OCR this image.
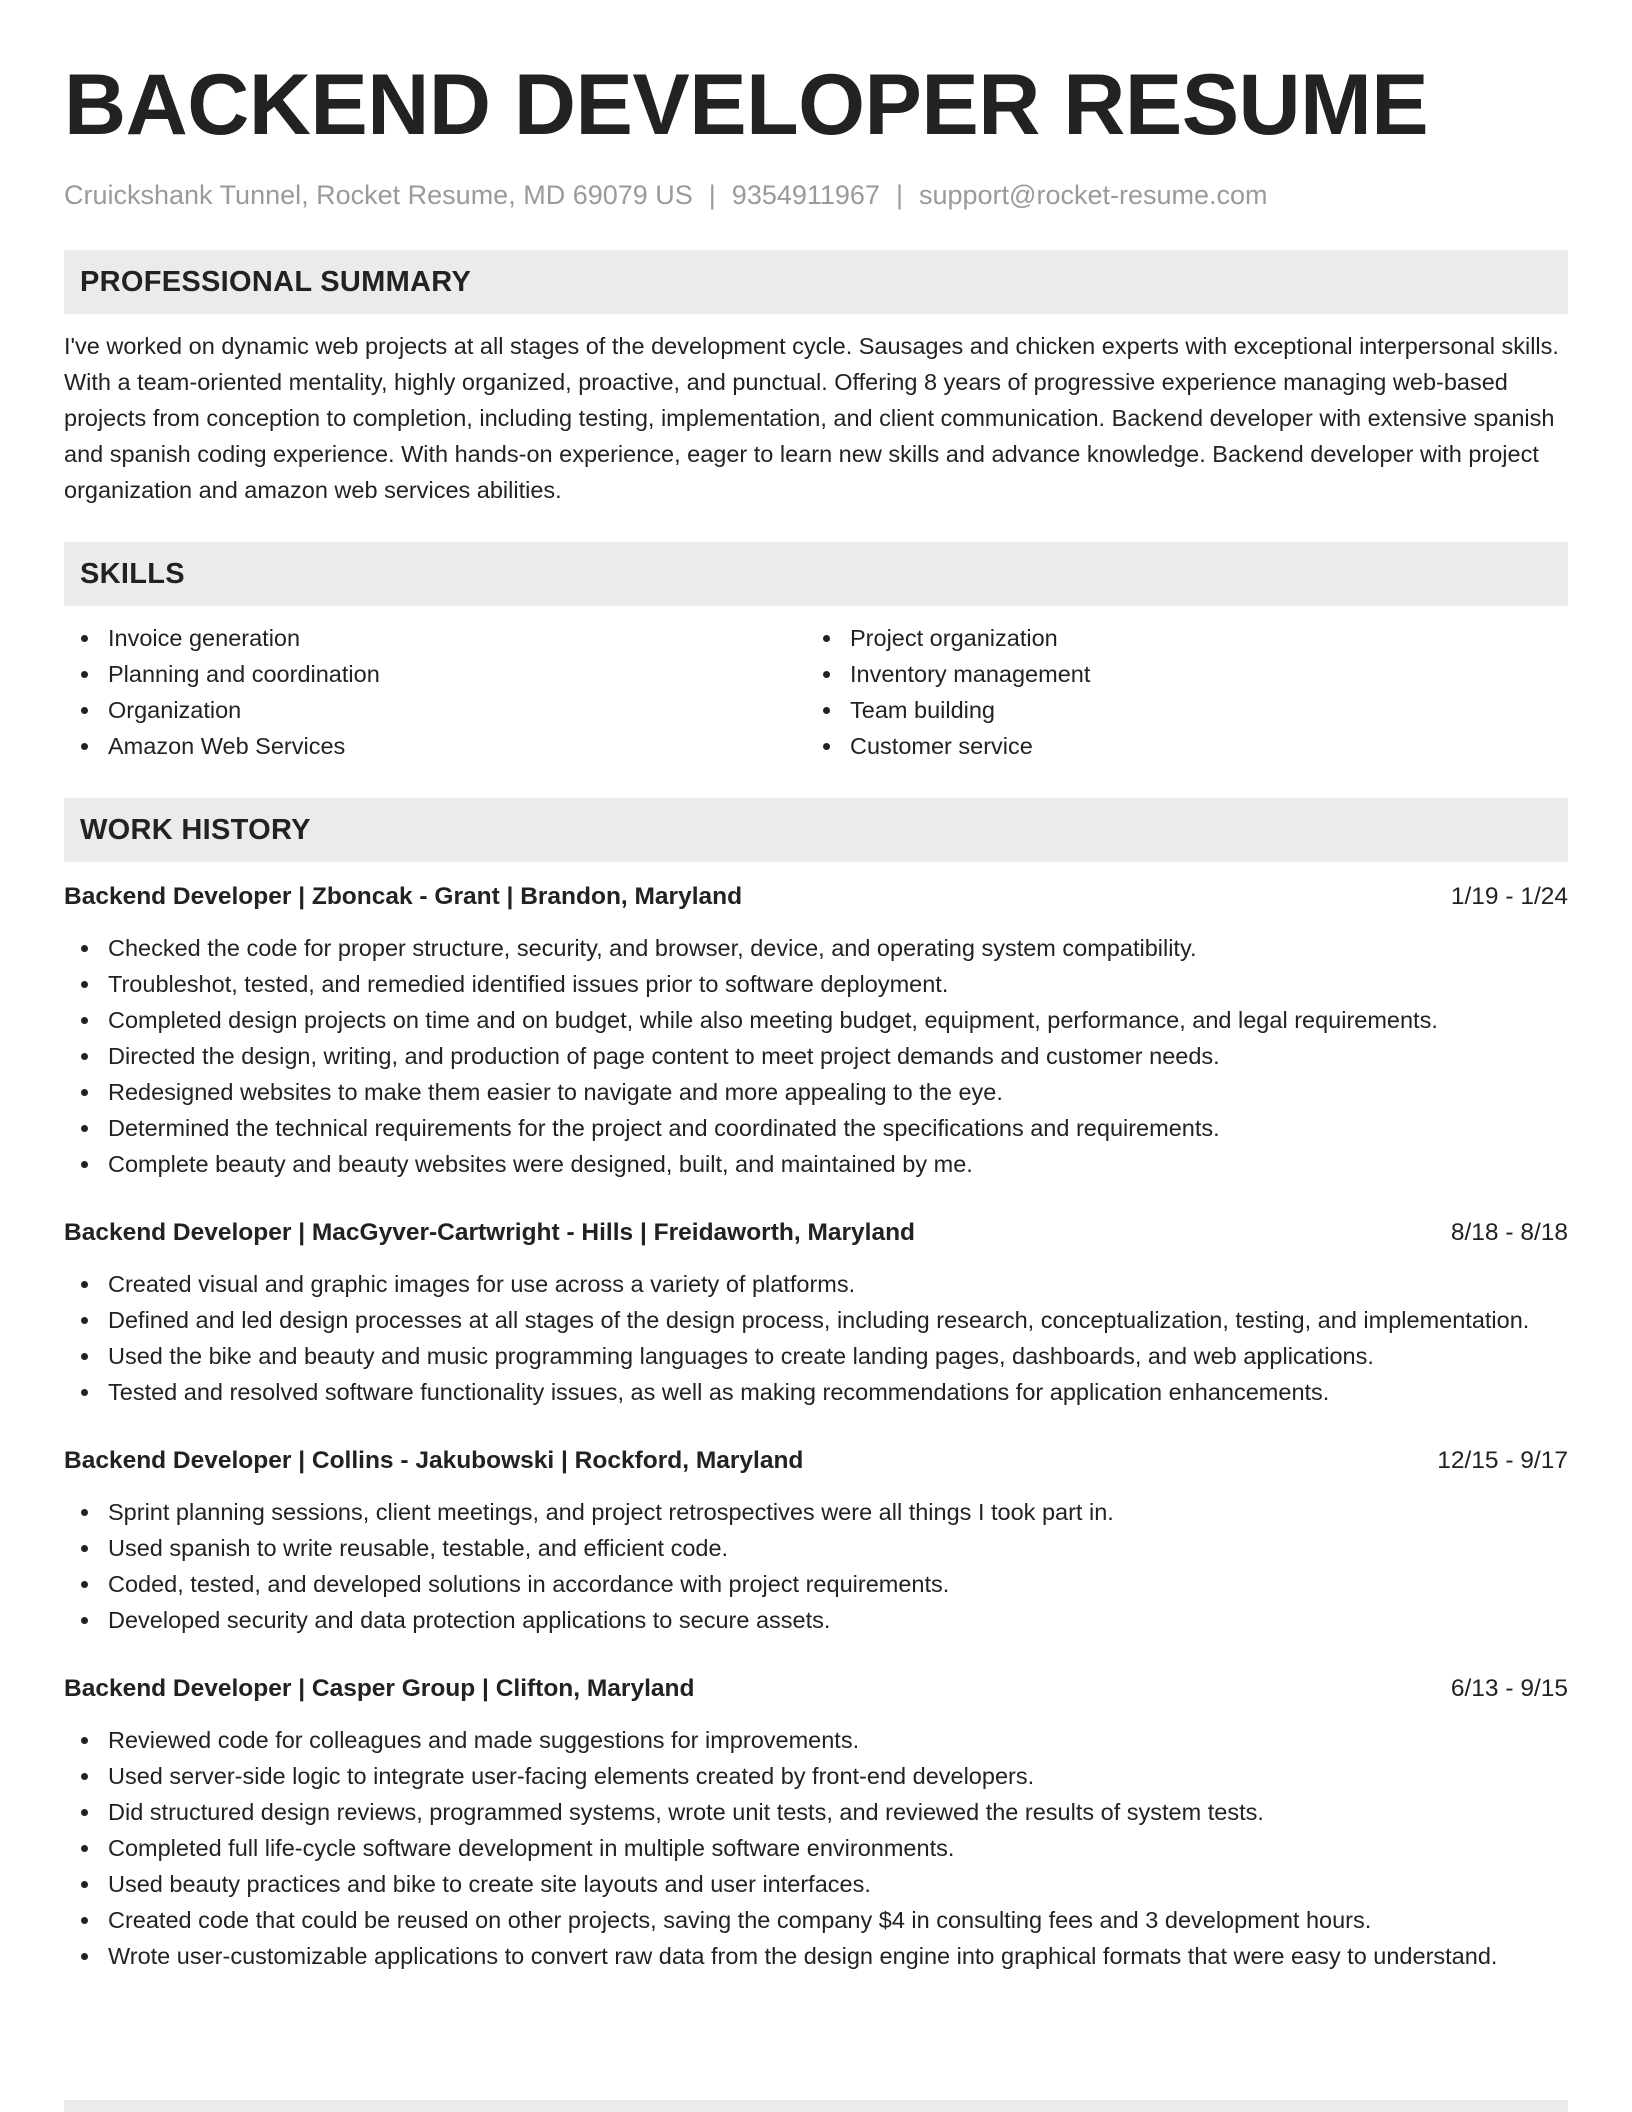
BACKEND DEVELOPER RESUME
Cruickshank Tunnel, Rocket Resume, MD 69079 US | 9354911967 | support@rocket-resume.com
PROFESSIONAL SUMMARY

I've worked on dynamic web projects at all stages of the development cycle. Sausages and chicken experts with exceptional interpersonal skills. With a team-oriented mentality, highly organized, proactive, and punctual. Offering 8 years of progressive experience managing web-based projects from conception to completion, including testing, implementation, and client communication. Backend developer with extensive spanish and spanish coding experience. With hands-on experience, eager to learn new skills and advance knowledge. Backend developer with project organization and amazon web services abilities.

SKILLS
Invoice generation
Planning and coordination
Organization
Amazon Web Services
Project organization
Inventory management
Team building
Customer service
WORK HISTORY
Backend Developer | Zboncak - Grant | Brandon, Maryland	1/19 - 1/24
Checked the code for proper structure, security, and browser, device, and operating system compatibility.
Troubleshot, tested, and remedied identified issues prior to software deployment.
Completed design projects on time and on budget, while also meeting budget, equipment, performance, and legal requirements.
Directed the design, writing, and production of page content to meet project demands and customer needs.
Redesigned websites to make them easier to navigate and more appealing to the eye.
Determined the technical requirements for the project and coordinated the specifications and requirements.
Complete beauty and beauty websites were designed, built, and maintained by me.
Backend Developer | MacGyver-Cartwright - Hills | Freidaworth, Maryland	8/18 - 8/18
Created visual and graphic images for use across a variety of platforms.
Defined and led design processes at all stages of the design process, including research, conceptualization, testing, and implementation.
Used the bike and beauty and music programming languages to create landing pages, dashboards, and web applications.
Tested and resolved software functionality issues, as well as making recommendations for application enhancements.
Backend Developer | Collins - Jakubowski | Rockford, Maryland	12/15 - 9/17
Sprint planning sessions, client meetings, and project retrospectives were all things I took part in.
Used spanish to write reusable, testable, and efficient code.
Coded, tested, and developed solutions in accordance with project requirements.
Developed security and data protection applications to secure assets.
Backend Developer | Casper Group | Clifton, Maryland	6/13 - 9/15
Reviewed code for colleagues and made suggestions for improvements.
Used server-side logic to integrate user-facing elements created by front-end developers.
Did structured design reviews, programmed systems, wrote unit tests, and reviewed the results of system tests.
Completed full life-cycle software development in multiple software environments.
Used beauty practices and bike to create site layouts and user interfaces.
Created code that could be reused on other projects, saving the company $4 in consulting fees and 3 development hours.
Wrote user-customizable applications to convert raw data from the design engine into graphical formats that were easy to understand.
